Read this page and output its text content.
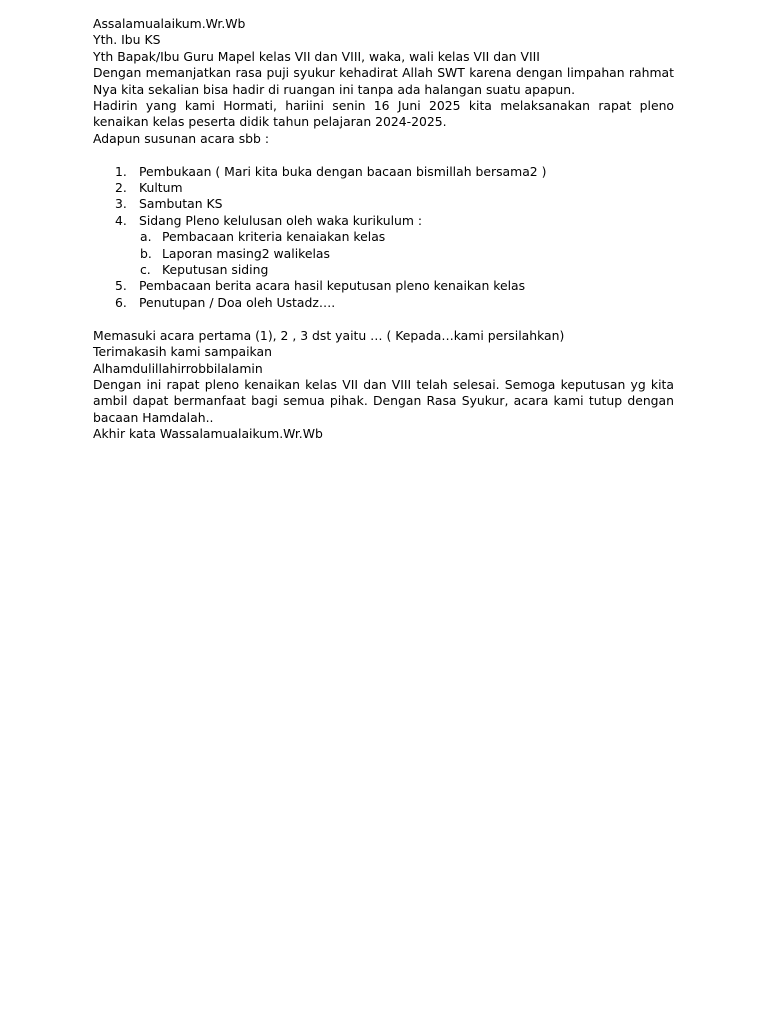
Assalamualaikum.Wr.Wb

Yth. Ibu KS

Yth Bapak/Ibu Guru Mapel kelas VII dan VIII, waka, wali kelas VII dan VIII

Dengan memanjatkan rasa puji syukur kehadirat Allah SWT karena dengan limpahan rahmat Nya kita sekalian bisa hadir di ruangan ini tanpa ada halangan suatu apapun.

Hadirin yang kami Hormati, hariini senin 16 Juni 2025 kita melaksanakan rapat pleno kenaikan kelas peserta didik tahun pelajaran 2024-2025.

Adapun susunan acara sbb :

1. Pembukaan ( Mari kita buka dengan bacaan bismillah bersama2 )
2. Kultum
3. Sambutan KS
4. Sidang Pleno kelulusan oleh waka kurikulum :
a. Pembacaan kriteria kenaiakan kelas
b. Laporan masing2 walikelas
c. Keputusan siding
5. Pembacaan berita acara hasil keputusan pleno kenaikan kelas
6. Penutupan / Doa oleh Ustadz….

Memasuki acara pertama (1), 2 , 3 dst yaitu … ( Kepada…kami persilahkan)

Terimakasih kami sampaikan

Alhamdulillahirrobbilalamin

Dengan ini rapat pleno kenaikan kelas VII dan VIII telah selesai. Semoga keputusan yg kita ambil dapat bermanfaat bagi semua pihak. Dengan Rasa Syukur, acara kami tutup dengan bacaan Hamdalah..

Akhir kata Wassalamualaikum.Wr.Wb
